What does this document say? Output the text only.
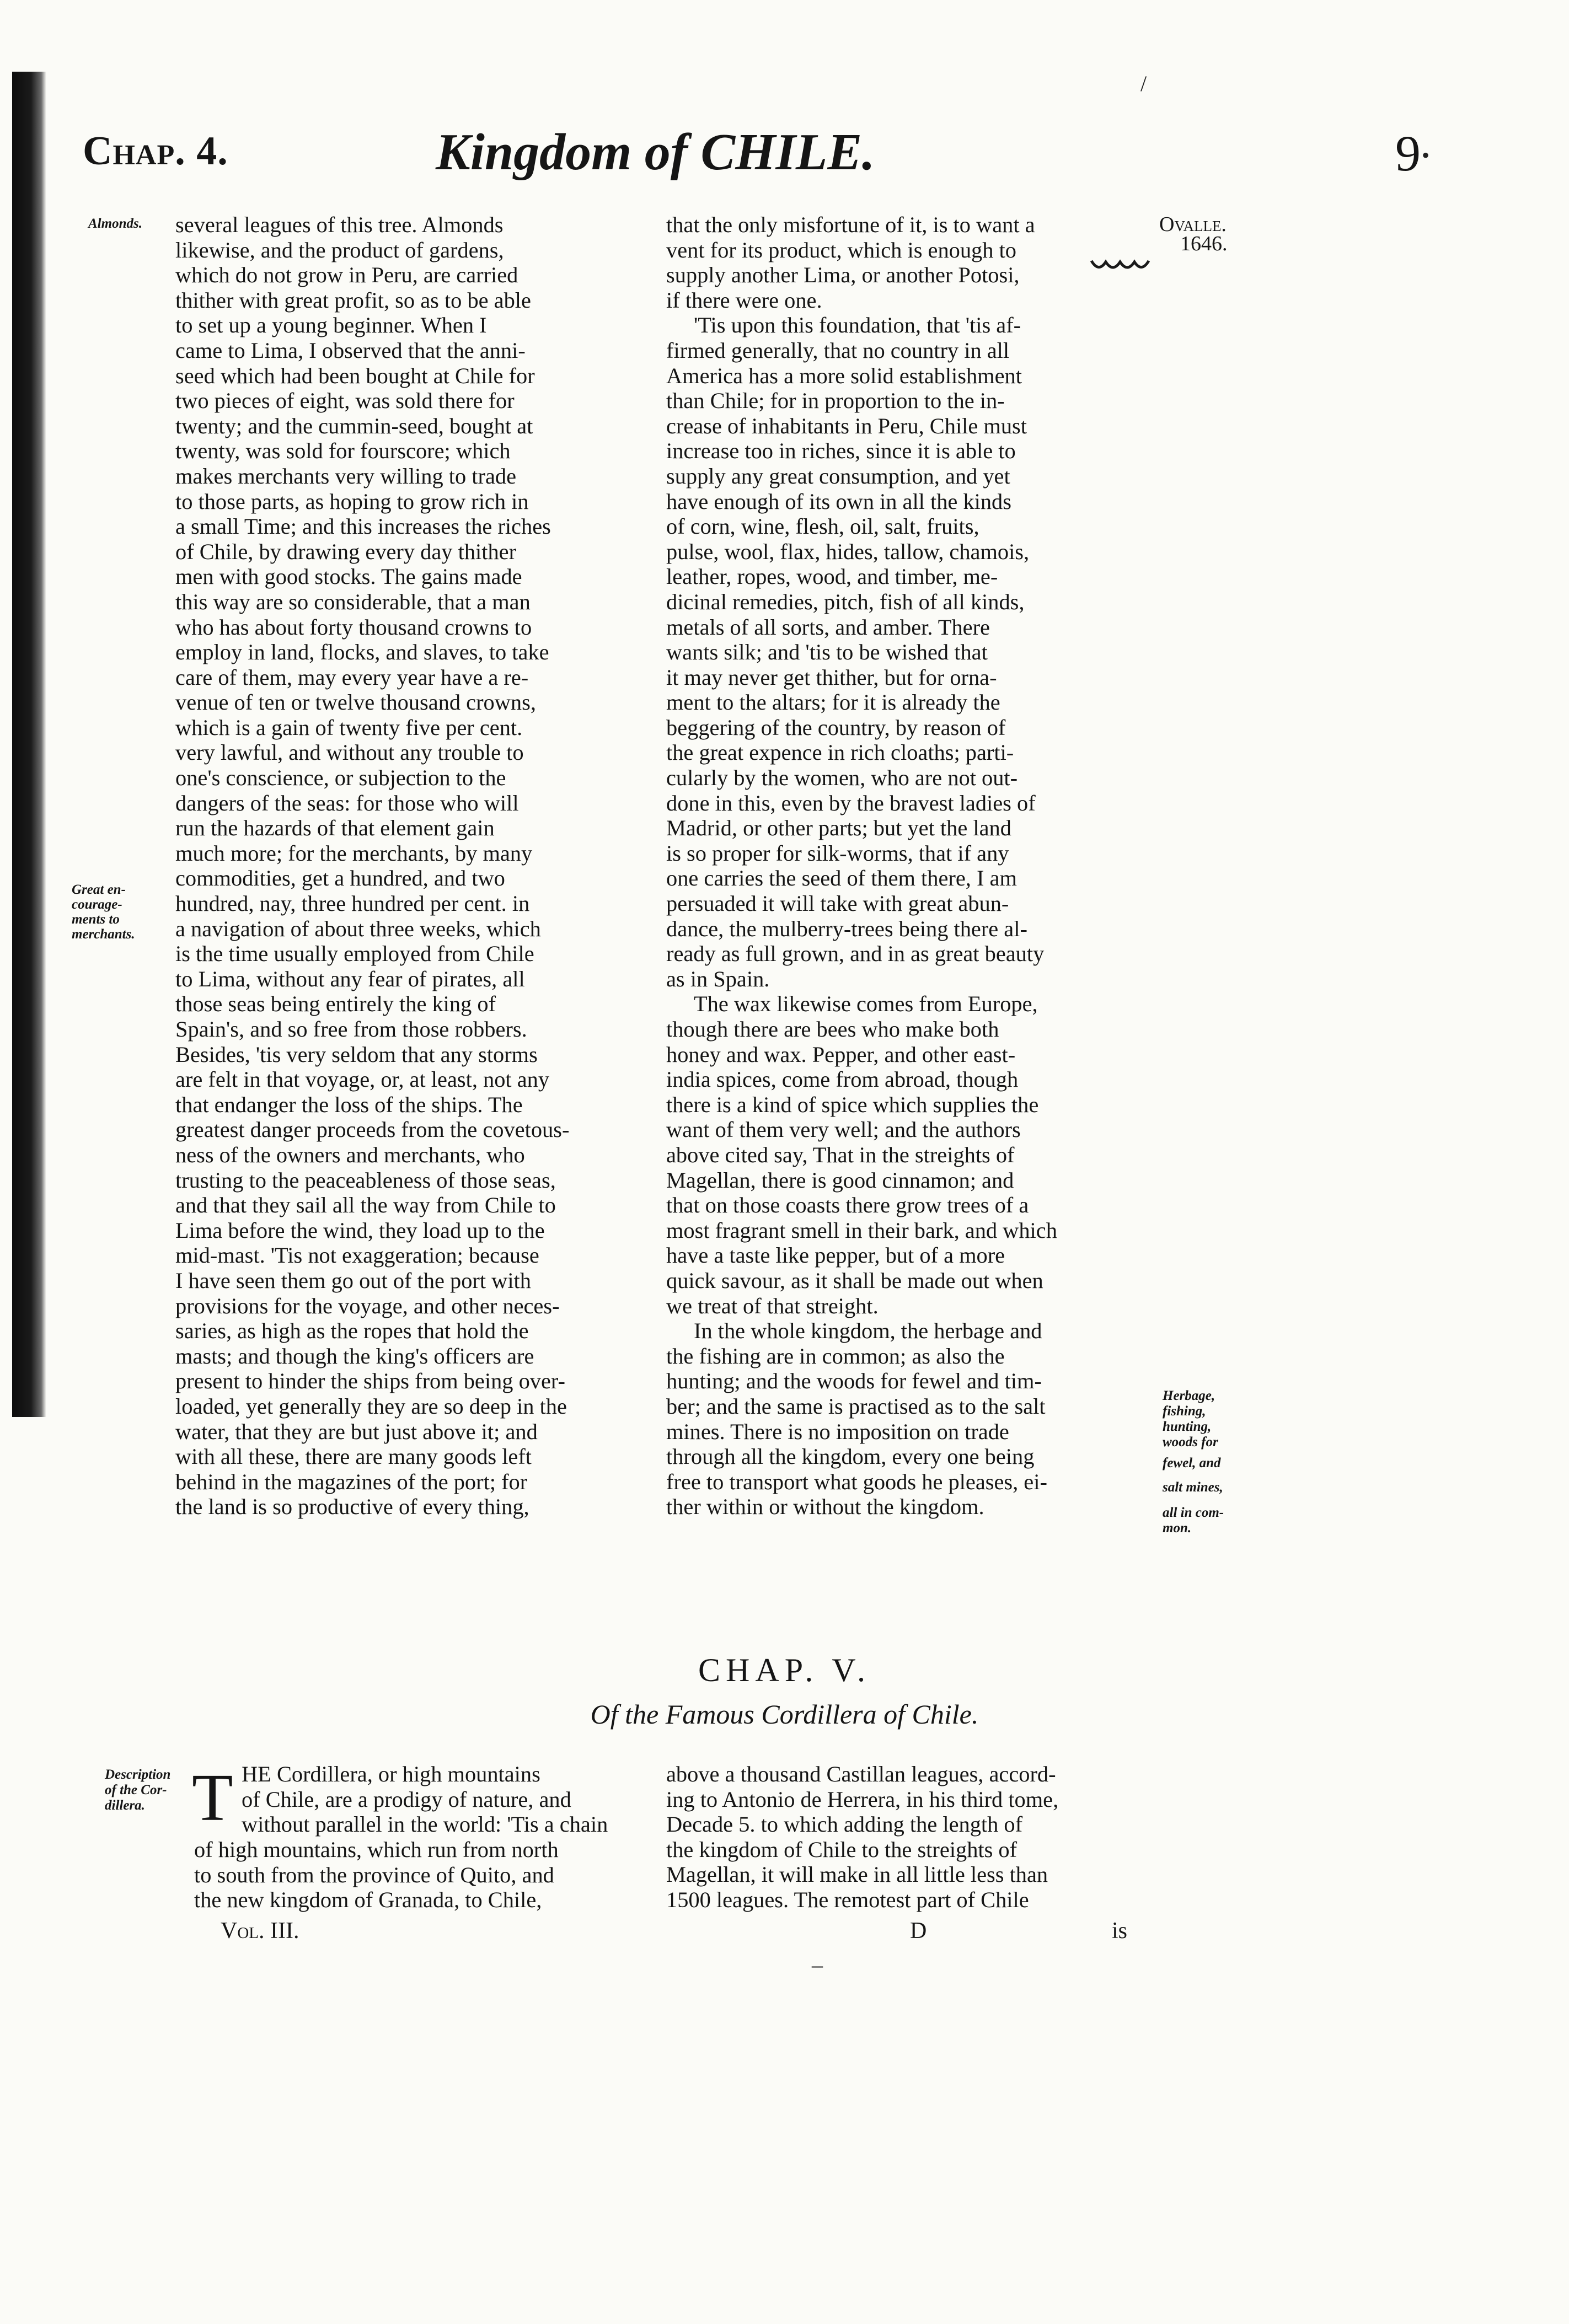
/
•
Chap. 4.	Kingdom of CHILE.	9
Ovalle.
1646.
Almonds.
Great en-
courage-
ments to
merchants.
several leagues of this tree. Almonds
likewise, and the product of gardens,
which do not grow in Peru, are carried
thither with great profit, so as to be able
to set up a young beginner. When I
came to Lima, I observed that the anni-
seed which had been bought at Chile for
two pieces of eight, was sold there for
twenty; and the cummin-seed, bought at
twenty, was sold for fourscore; which
makes merchants very willing to trade
to those parts, as hoping to grow rich in
a small Time; and this increases the riches
of Chile, by drawing every day thither
men with good stocks. The gains made
this way are so considerable, that a man
who has about forty thousand crowns to
employ in land, flocks, and slaves, to take
care of them, may every year have a re-
venue of ten or twelve thousand crowns,
which is a gain of twenty five per cent.
very lawful, and without any trouble to
one's conscience, or subjection to the
dangers of the seas: for those who will
run the hazards of that element gain
much more; for the merchants, by many
commodities, get a hundred, and two
hundred, nay, three hundred per cent. in
a navigation of about three weeks, which
is the time usually employed from Chile
to Lima, without any fear of pirates, all
those seas being entirely the king of
Spain's, and so free from those robbers.
Besides, 'tis very seldom that any storms
are felt in that voyage, or, at least, not any
that endanger the loss of the ships. The
greatest danger proceeds from the covetous-
ness of the owners and merchants, who
trusting to the peaceableness of those seas,
and that they sail all the way from Chile to
Lima before the wind, they load up to the
mid-mast. 'Tis not exaggeration; because
I have seen them go out of the port with
provisions for the voyage, and other neces-
saries, as high as the ropes that hold the
masts; and though the king's officers are
present to hinder the ships from being over-
loaded, yet generally they are so deep in the
water, that they are but just above it; and
with all these, there are many goods left
behind in the magazines of the port; for
the land is so productive of every thing,
that the only misfortune of it, is to want a
vent for its product, which is enough to
supply another Lima, or another Potosi,
if there were one.
'Tis upon this foundation, that 'tis af-
firmed generally, that no country in all
America has a more solid establishment
than Chile; for in proportion to the in-
crease of inhabitants in Peru, Chile must
increase too in riches, since it is able to
supply any great consumption, and yet
have enough of its own in all the kinds
of corn, wine, flesh, oil, salt, fruits,
pulse, wool, flax, hides, tallow, chamois,
leather, ropes, wood, and timber, me-
dicinal remedies, pitch, fish of all kinds,
metals of all sorts, and amber. There
wants silk; and 'tis to be wished that
it may never get thither, but for orna-
ment to the altars; for it is already the
beggering of the country, by reason of
the great expence in rich cloaths; parti-
cularly by the women, who are not out-
done in this, even by the bravest ladies of
Madrid, or other parts; but yet the land
is so proper for silk-worms, that if any
one carries the seed of them there, I am
persuaded it will take with great abun-
dance, the mulberry-trees being there al-
ready as full grown, and in as great beauty
as in Spain.
The wax likewise comes from Europe,
though there are bees who make both
honey and wax. Pepper, and other east-
india spices, come from abroad, though
there is a kind of spice which supplies the
want of them very well; and the authors
above cited say, That in the streights of
Magellan, there is good cinnamon; and
that on those coasts there grow trees of a
most fragrant smell in their bark, and which
have a taste like pepper, but of a more
quick savour, as it shall be made out when
we treat of that streight.
In the whole kingdom, the herbage and
the fishing are in common; as also the
hunting; and the woods for fewel and tim-
ber; and the same is practised as to the salt
mines. There is no imposition on trade
through all the kingdom, every one being
free to transport what goods he pleases, ei-
ther within or without the kingdom.
Herbage,
fishing,
hunting,
woods for
fewel, and
salt mines,
all in com-
mon.
CHAP. V.
Of the Famous Cordillera of Chile.
Description
of the Cor-
dillera. T HE Cordillera, or high mountains
of Chile, are a prodigy of nature, and
without parallel in the world: 'Tis a chain
of high mountains, which run from north
to south from the province of Quito, and
the new kingdom of Granada, to Chile,
above a thousand Castillan leagues, accord-
ing to Antonio de Herrera, in his third tome,
Decade 5. to which adding the length of
the kingdom of Chile to the streights of
Magellan, it will make in all little less than
1500 leagues. The remotest part of Chile
Vol. III.	D	is
–
